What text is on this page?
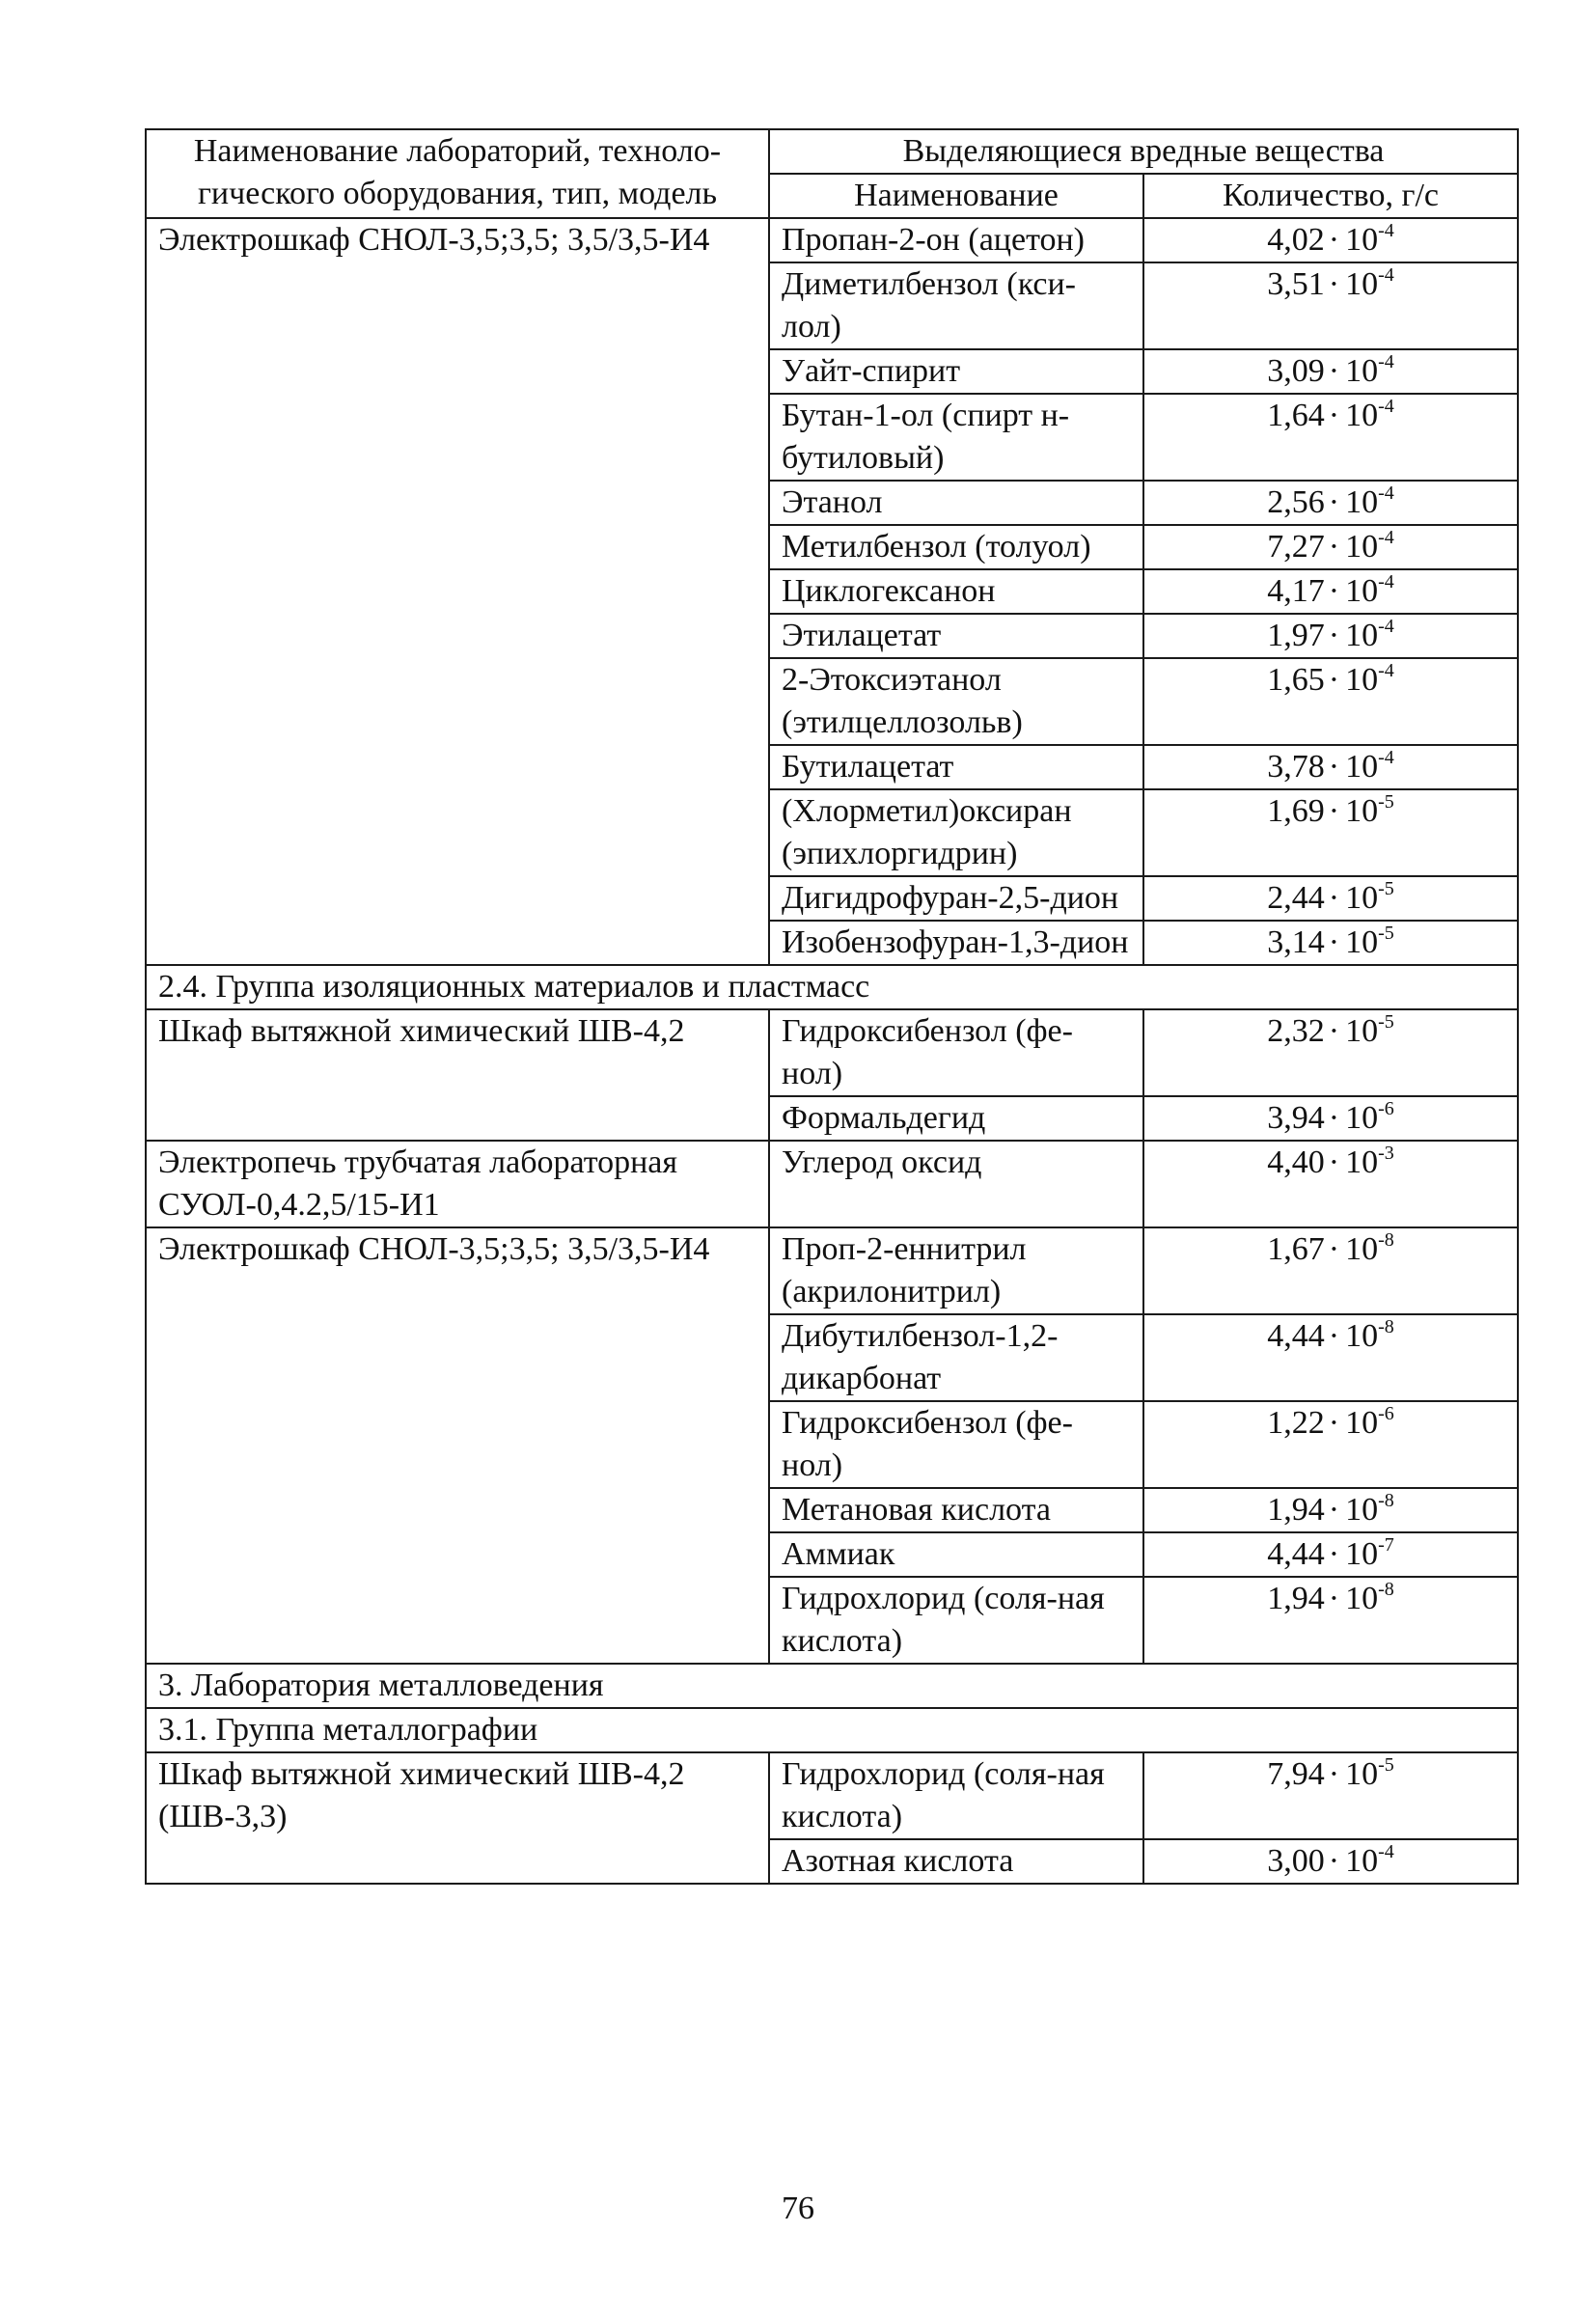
Наименование лабораторий, техноло-гического оборудования, тип, модель	Выделяющиеся вредные вещества	
	Наименование	Количество, г/с
Электрошкаф СНОЛ-3,5;3,5; 3,5/3,5-И4	Пропан-2-он (ацетон)	$4,02 \cdot 10^{-4}$
	Диметилбензол (кси-лол)	$3,51 \cdot 10^{-4}$
	Уайт-спирит	$3,09 \cdot 10^{-4}$
	Бутан-1-ол (спирт н-бутиловый)	$1,64 \cdot 10^{-4}$
	Этанол	$2,56 \cdot 10^{-4}$
	Метилбензол (толуол)	$7,27 \cdot 10^{-4}$
	Циклогексанон	$4,17 \cdot 10^{-4}$
	Этилацетат	$1,97 \cdot 10^{-4}$
	2-Этоксиэтанол (этилцеллозольв)	$1,65 \cdot 10^{-4}$
	Бутилацетат	$3,78 \cdot 10^{-4}$
	(Хлорметил)оксиран (эпихлоргидрин)	$1,69 \cdot 10^{-5}$
	Дигидрофуран-2,5-дион	$2,44 \cdot 10^{-5}$
	Изобензофуран-1,3-дион	$3,14 \cdot 10^{-5}$
2.4. Группа изоляционных материалов и пластмасс		
Шкаф вытяжной химический ШВ-4,2	Гидроксибензол (фе-нол)	$2,32 \cdot 10^{-5}$
	Формальдегид	$3,94 \cdot 10^{-6}$
Электропечь трубчатая лабораторная СУОЛ-0,4.2,5/15-И1	Углерод оксид	$4,40 \cdot 10^{-3}$
Электрошкаф СНОЛ-3,5;3,5; 3,5/3,5-И4	Проп-2-еннитрил (акрилонитрил)	$1,67 \cdot 10^{-8}$
	Дибутилбензол-1,2-дикарбонат	$4,44 \cdot 10^{-8}$
	Гидроксибензол (фе-нол)	$1,22 \cdot 10^{-6}$
	Метановая кислота	$1,94 \cdot 10^{-8}$
	Аммиак	$4,44 \cdot 10^{-7}$
	Гидрохлорид (соля-ная кислота)	$1,94 \cdot 10^{-8}$
3. Лаборатория металловедения		
3.1. Группа металлографии		
Шкаф вытяжной химический ШВ-4,2 (ШВ-3,3)	Гидрохлорид (соля-ная кислота)	$7,94 \cdot 10^{-5}$
	Азотная кислота	$3,00 \cdot 10^{-4}$
76
